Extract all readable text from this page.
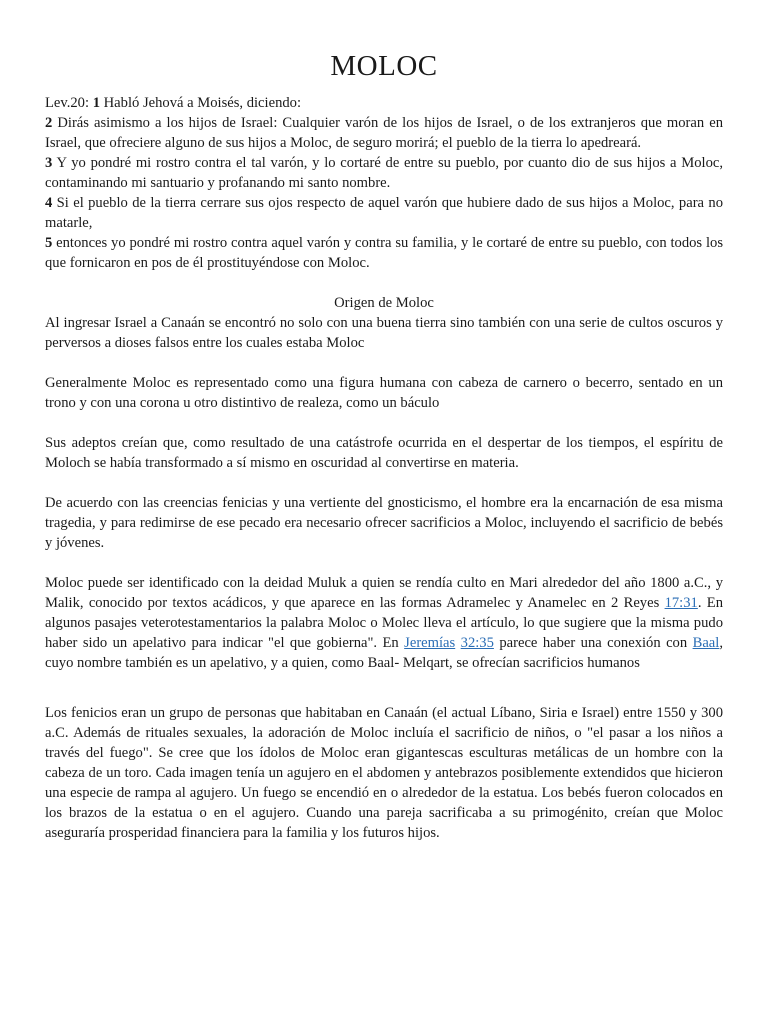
MOLOC

Lev.20: 1 Habló Jehová a Moisés, diciendo:

2 Dirás asimismo a los hijos de Israel: Cualquier varón de los hijos de Israel, o de los extranjeros que moran en Israel, que ofreciere alguno de sus hijos a Moloc, de seguro morirá; el pueblo de la tierra lo apedreará.

3 Y yo pondré mi rostro contra el tal varón, y lo cortaré de entre su pueblo, por cuanto dio de sus hijos a Moloc, contaminando mi santuario y profanando mi santo nombre.

4 Si el pueblo de la tierra cerrare sus ojos respecto de aquel varón que hubiere dado de sus hijos a Moloc, para no matarle,

5 entonces yo pondré mi rostro contra aquel varón y contra su familia, y le cortaré de entre su pueblo, con todos los que fornicaron en pos de él prostituyéndose con Moloc.

Origen de Moloc

Al ingresar Israel a Canaán se encontró no solo con una buena tierra sino también con una serie de cultos oscuros y perversos a dioses falsos entre los cuales estaba Moloc

Generalmente Moloc es representado como una figura humana con cabeza de carnero o becerro, sentado en un trono y con una corona u otro distintivo de realeza, como un báculo

Sus adeptos creían que, como resultado de una catástrofe ocurrida en el despertar de los tiempos, el espíritu de Moloch se había transformado a sí mismo en oscuridad al convertirse en materia.

De acuerdo con las creencias fenicias y una vertiente del gnosticismo, el hombre era la encarnación de esa misma tragedia, y para redimirse de ese pecado era necesario ofrecer sacrificios a Moloc, incluyendo el sacrificio de bebés y jóvenes.

Moloc puede ser identificado con la deidad Muluk a quien se rendía culto en Mari alrededor del año 1800 a.C., y Malik, conocido por textos acádicos, y que aparece en las formas Adramelec y Anamelec en 2 Reyes 17:31. En algunos pasajes veterotestamentarios la palabra Moloc o Molec lleva el artículo, lo que sugiere que la misma pudo haber sido un apelativo para indicar "el que gobierna". En Jeremías 32:35 parece haber una conexión con Baal, cuyo nombre también es un apelativo, y a quien, como Baal- Melqart, se ofrecían sacrificios humanos

Los fenicios eran un grupo de personas que habitaban en Canaán (el actual Líbano, Siria e Israel) entre 1550 y 300 a.C. Además de rituales sexuales, la adoración de Moloc incluía el sacrificio de niños, o "el pasar a los niños a través del fuego". Se cree que los ídolos de Moloc eran gigantescas esculturas metálicas de un hombre con la cabeza de un toro. Cada imagen tenía un agujero en el abdomen y antebrazos posiblemente extendidos que hicieron una especie de rampa al agujero. Un fuego se encendió en o alrededor de la estatua. Los bebés fueron colocados en los brazos de la estatua o en el agujero. Cuando una pareja sacrificaba a su primogénito, creían que Moloc aseguraría prosperidad financiera para la familia y los futuros hijos.
